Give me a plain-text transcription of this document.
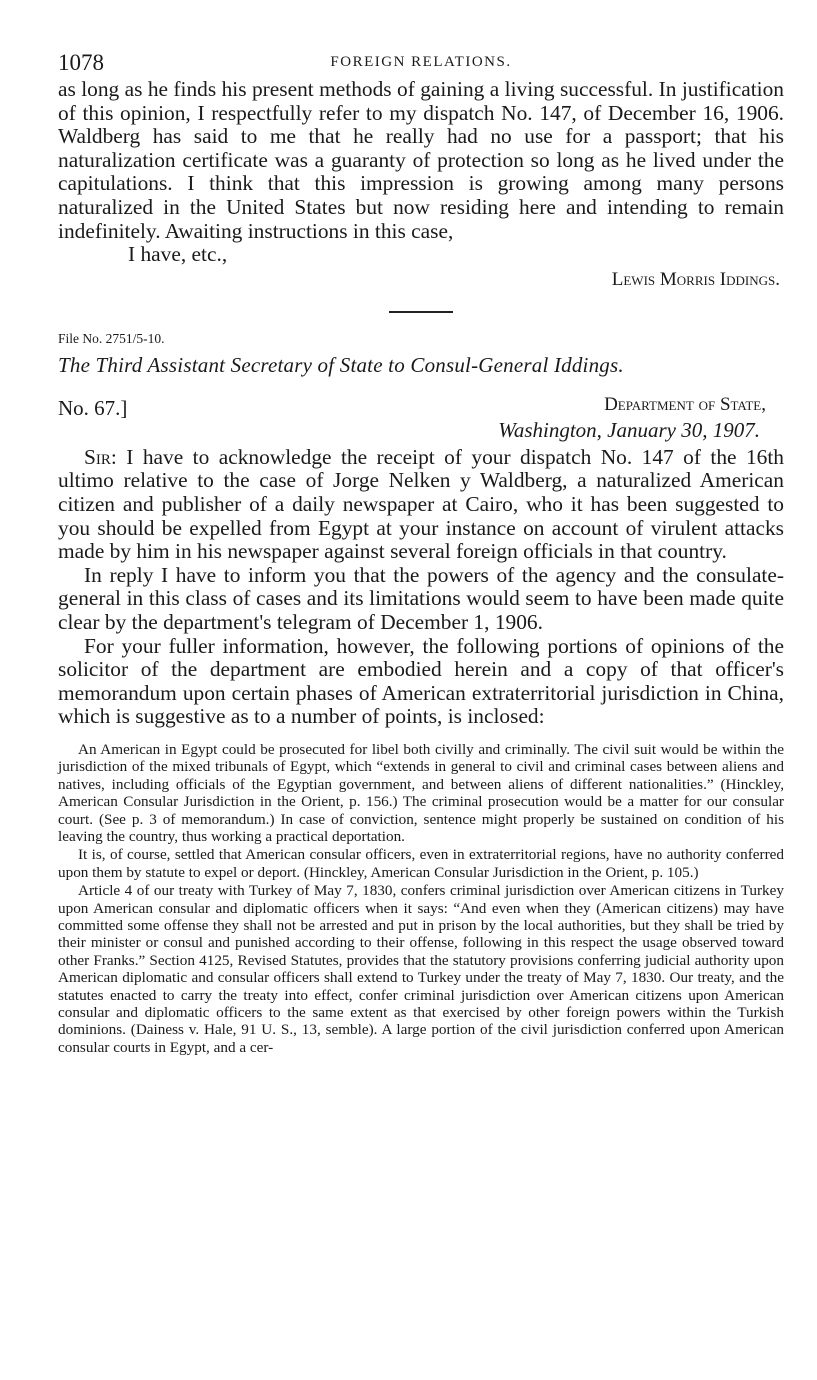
1078	FOREIGN RELATIONS.

as long as he finds his present methods of gaining a living successful. In justification of this opinion, I respectfully refer to my dispatch No. 147, of December 16, 1906. Waldberg has said to me that he really had no use for a passport; that his naturalization certificate was a guaranty of protection so long as he lived under the capitulations. I think that this impression is growing among many persons naturalized in the United States but now residing here and intending to remain indefinitely. Awaiting instructions in this case,

I have, etc.,

Lewis Morris Iddings.

File No. 2751/5-10.

The Third Assistant Secretary of State to Consul-General Iddings.

No. 67.]	Department of State,
Washington, January 30, 1907.

Sir: I have to acknowledge the receipt of your dispatch No. 147 of the 16th ultimo relative to the case of Jorge Nelken y Waldberg, a naturalized American citizen and publisher of a daily newspaper at Cairo, who it has been suggested to you should be expelled from Egypt at your instance on account of virulent attacks made by him in his newspaper against several foreign officials in that country.

In reply I have to inform you that the powers of the agency and the consulate-general in this class of cases and its limitations would seem to have been made quite clear by the department's telegram of December 1, 1906.

For your fuller information, however, the following portions of opinions of the solicitor of the department are embodied herein and a copy of that officer's memorandum upon certain phases of American extraterritorial jurisdiction in China, which is suggestive as to a number of points, is inclosed:

An American in Egypt could be prosecuted for libel both civilly and criminally. The civil suit would be within the jurisdiction of the mixed tribunals of Egypt, which “extends in general to civil and criminal cases between aliens and natives, including officials of the Egyptian government, and between aliens of different nationalities.” (Hinckley, American Consular Jurisdiction in the Orient, p. 156.) The criminal prosecution would be a matter for our consular court. (See p. 3 of memorandum.) In case of conviction, sentence might properly be sustained on condition of his leaving the country, thus working a practical deportation.

It is, of course, settled that American consular officers, even in extraterritorial regions, have no authority conferred upon them by statute to expel or deport. (Hinckley, American Consular Jurisdiction in the Orient, p. 105.)

Article 4 of our treaty with Turkey of May 7, 1830, confers criminal jurisdiction over American citizens in Turkey upon American consular and diplomatic officers when it says: “And even when they (American citizens) may have committed some offense they shall not be arrested and put in prison by the local authorities, but they shall be tried by their minister or consul and punished according to their offense, following in this respect the usage observed toward other Franks.” Section 4125, Revised Statutes, provides that the statutory provisions conferring judicial authority upon American diplomatic and consular officers shall extend to Turkey under the treaty of May 7, 1830. Our treaty, and the statutes enacted to carry the treaty into effect, confer criminal jurisdiction over American citizens upon American consular and diplomatic officers to the same extent as that exercised by other foreign powers within the Turkish dominions. (Dainess v. Hale, 91 U. S., 13, semble). A large portion of the civil jurisdiction conferred upon American consular courts in Egypt, and a cer-
